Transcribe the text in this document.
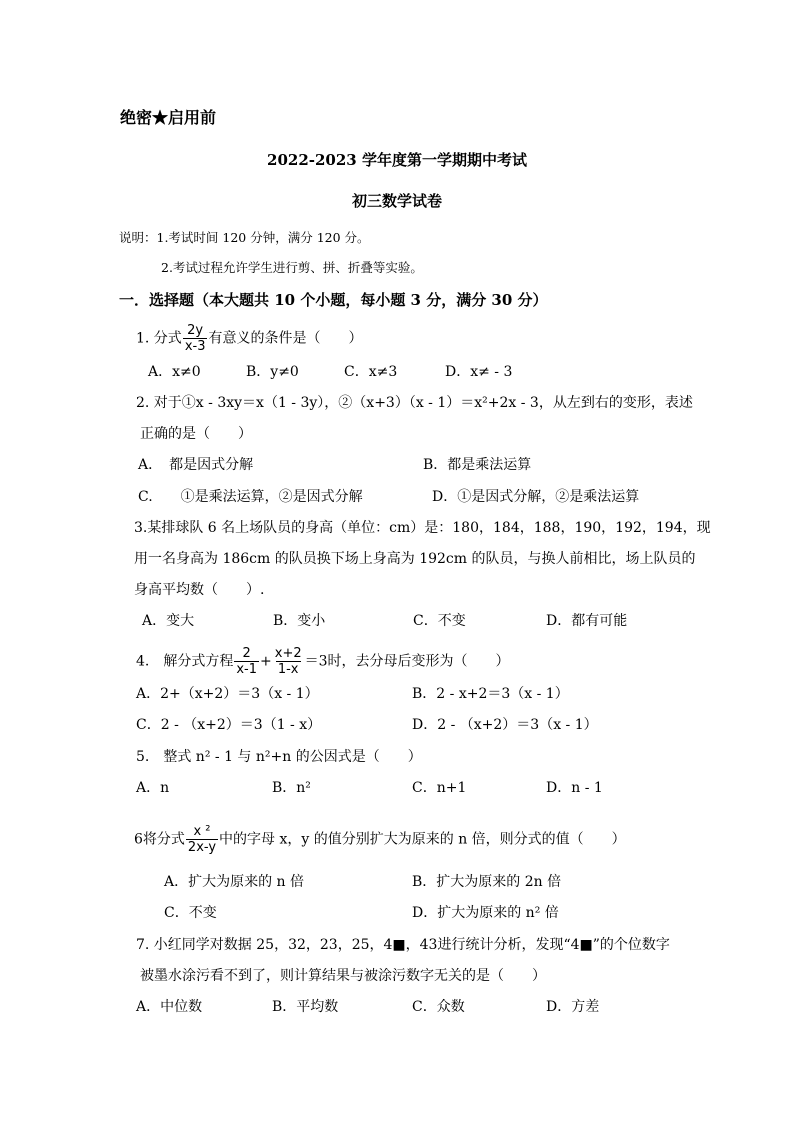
绝密★启用前
2022-2023 学年度第一学期期中考试
初三数学试卷
说明：1.考试时间 120 分钟，满分 120 分。
2.考试过程允许学生进行剪、拼、折叠等实验。
一．选择题（本大题共 10 个小题，每小题 3 分，满分 30 分）
1. 分式 $\frac{2y}{x-3}$ 有意义的条件是（　　）
A．x≠0	B．y≠0	C．x≠3	D．x≠ - 3
2. 对于①x - 3xy＝x（1 - 3y），②（x+3）（x - 1）＝x²+2x - 3，从左到右的变形，表述
正确的是（　　）
A．　都是因式分解	B．都是乘法运算
C.　　①是乘法运算，②是因式分解	D．①是因式分解，②是乘法运算
3.某排球队 6 名上场队员的身高（单位：cm）是：180，184，188，190，192，194，现
用一名身高为 186cm 的队员换下场上身高为 192cm 的队员，与换人前相比，场上队员的
身高平均数（　　）.
A．变大	B．变小	C．不变	D．都有可能
4.　解分式方程 $\frac{2}{x-1} + \frac{x+2}{1-x} =3$时，去分母后变形为（　　）
A．2+（x+2）＝3（x - 1）	B．2 - x+2＝3（x - 1）
C．2 - （x+2）＝3（1 - x）	D．2 - （x+2）＝3（x - 1）
5.　整式 n² - 1 与 n²+n 的公因式是（　　）
A．n	B．n²	C．n+1	D．n - 1
6将分式 $\frac{\text{x ²}}{2x-y}$ 中的字母 x，y 的值分别扩大为原来的 n 倍，则分式的值（　　）
A．扩大为原来的 n 倍	B．扩大为原来的 2n 倍
C．不变	D．扩大为原来的 n² 倍
7. 小红同学对数据 25，32，23，25，4■，43进行统计分析，发现“4■”的个位数字
被墨水涂污看不到了，则计算结果与被涂污数字无关的是（　　）
A．中位数	B．平均数	C．众数	D．方差
